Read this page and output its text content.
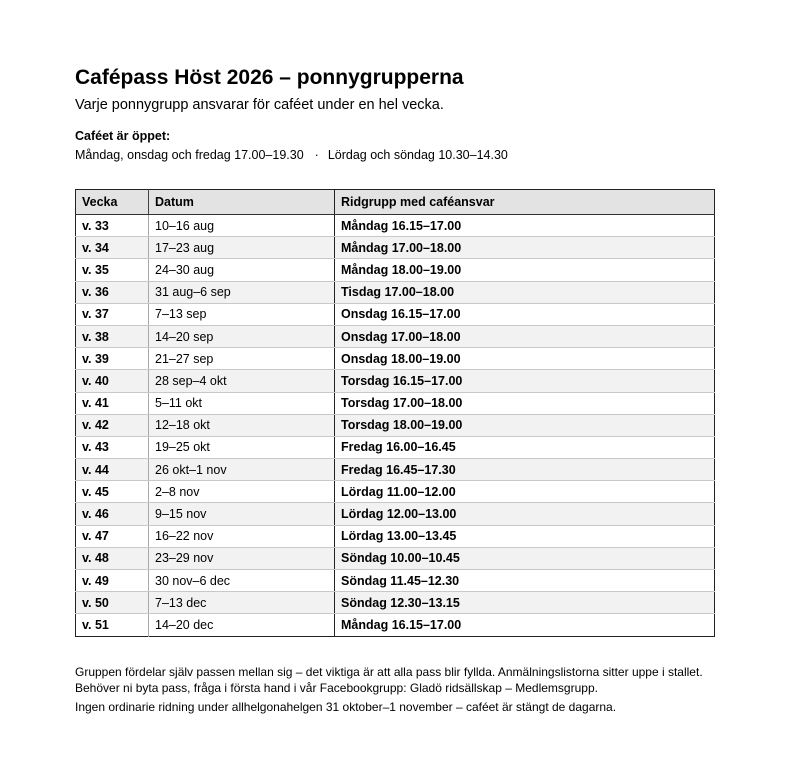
Cafépass Höst 2026 – ponnygrupperna
Varje ponnygrupp ansvarar för caféet under en hel vecka.
Caféet är öppet:
Måndag, onsdag och fredag 17.00–19.30 · Lördag och söndag 10.30–14.30
Vecka	Datum	Ridgrupp med caféansvar
v. 33	10–16 aug	Måndag 16.15–17.00
v. 34	17–23 aug	Måndag 17.00–18.00
v. 35	24–30 aug	Måndag 18.00–19.00
v. 36	31 aug–6 sep	Tisdag 17.00–18.00
v. 37	7–13 sep	Onsdag 16.15–17.00
v. 38	14–20 sep	Onsdag 17.00–18.00
v. 39	21–27 sep	Onsdag 18.00–19.00
v. 40	28 sep–4 okt	Torsdag 16.15–17.00
v. 41	5–11 okt	Torsdag 17.00–18.00
v. 42	12–18 okt	Torsdag 18.00–19.00
v. 43	19–25 okt	Fredag 16.00–16.45
v. 44	26 okt–1 nov	Fredag 16.45–17.30
v. 45	2–8 nov	Lördag 11.00–12.00
v. 46	9–15 nov	Lördag 12.00–13.00
v. 47	16–22 nov	Lördag 13.00–13.45
v. 48	23–29 nov	Söndag 10.00–10.45
v. 49	30 nov–6 dec	Söndag 11.45–12.30
v. 50	7–13 dec	Söndag 12.30–13.15
v. 51	14–20 dec	Måndag 16.15–17.00

Gruppen fördelar själv passen mellan sig – det viktiga är att alla pass blir fyllda. Anmälningslistorna sitter uppe i stallet. Behöver ni byta pass, fråga i första hand i vår Facebookgrupp: Gladö ridsällskap – Medlemsgrupp.

Ingen ordinarie ridning under allhelgonahelgen 31 oktober–1 november – caféet är stängt de dagarna.
